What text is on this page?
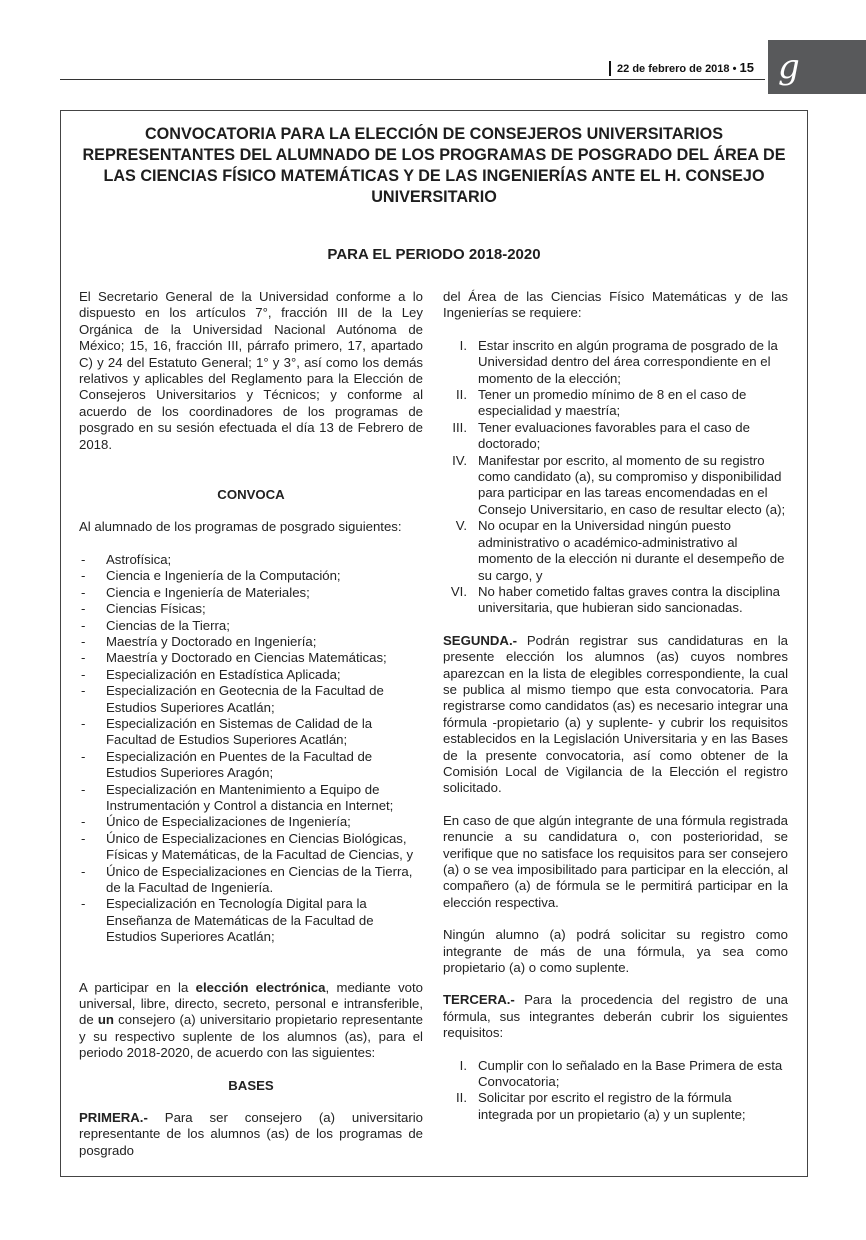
22 de febrero de 2018 • 15 g
CONVOCATORIA PARA LA ELECCIÓN DE CONSEJEROS UNIVERSITARIOS REPRESENTANTES DEL ALUMNADO DE LOS PROGRAMAS DE POSGRADO DEL ÁREA DE LAS CIENCIAS FÍSICO MATEMÁTICAS Y DE LAS INGENIERÍAS ANTE EL H. CONSEJO UNIVERSITARIO
PARA EL PERIODO 2018-2020

El Secretario General de la Universidad conforme a lo dispuesto en los artículos 7°, fracción III de la Ley Orgánica de la Universidad Nacional Autónoma de México; 15, 16, fracción III, párrafo primero, 17, apartado C) y 24 del Estatuto General; 1° y 3°, así como los demás relativos y aplicables del Reglamento para la Elección de Consejeros Universitarios y Técnicos; y conforme al acuerdo de los coordinadores de los programas de posgrado en su sesión efectuada el día 13 de Febrero de 2018.

CONVOCA

Al alumnado de los programas de posgrado siguientes:

- Astrofísica;
- Ciencia e Ingeniería de la Computación;
- Ciencia e Ingeniería de Materiales;
- Ciencias Físicas;
- Ciencias de la Tierra;
- Maestría y Doctorado en Ingeniería;
- Maestría y Doctorado en Ciencias Matemáticas;
- Especialización en Estadística Aplicada;
- Especialización en Geotecnia de la Facultad de Estudios Superiores Acatlán;
- Especialización en Sistemas de Calidad de la Facultad de Estudios Superiores Acatlán;
- Especialización en Puentes de la Facultad de Estudios Superiores Aragón;
- Especialización en Mantenimiento a Equipo de Instrumentación y Control a distancia en Internet;
- Único de Especializaciones de Ingeniería;
- Único de Especializaciones en Ciencias Biológicas, Físicas y Matemáticas, de la Facultad de Ciencias, y
- Único de Especializaciones en Ciencias de la Tierra, de la Facultad de Ingeniería.
- Especialización en Tecnología Digital para la Enseñanza de Matemáticas de la Facultad de Estudios Superiores Acatlán;

A participar en la elección electrónica, mediante voto universal, libre, directo, secreto, personal e intransferible, de un consejero (a) universitario propietario representante y su respectivo suplente de los alumnos (as), para el periodo 2018-2020, de acuerdo con las siguientes:

BASES

PRIMERA.- Para ser consejero (a) universitario representante de los alumnos (as) de los programas de posgrado

del Área de las Ciencias Físico Matemáticas y de las Ingenierías se requiere:

I. Estar inscrito en algún programa de posgrado de la Universidad dentro del área correspondiente en el momento de la elección;
II. Tener un promedio mínimo de 8 en el caso de especialidad y maestría;
III. Tener evaluaciones favorables para el caso de doctorado;
IV. Manifestar por escrito, al momento de su registro como candidato (a), su compromiso y disponibilidad para participar en las tareas encomendadas en el Consejo Universitario, en caso de resultar electo (a);
V. No ocupar en la Universidad ningún puesto administrativo o académico-administrativo al momento de la elección ni durante el desempeño de su cargo, y
VI. No haber cometido faltas graves contra la disciplina universitaria, que hubieran sido sancionadas.

SEGUNDA.- Podrán registrar sus candidaturas en la presente elección los alumnos (as) cuyos nombres aparezcan en la lista de elegibles correspondiente, la cual se publica al mismo tiempo que esta convocatoria. Para registrarse como candidatos (as) es necesario integrar una fórmula -propietario (a) y suplente- y cubrir los requisitos establecidos en la Legislación Universitaria y en las Bases de la presente convocatoria, así como obtener de la Comisión Local de Vigilancia de la Elección el registro solicitado.

En caso de que algún integrante de una fórmula registrada renuncie a su candidatura o, con posterioridad, se verifique que no satisface los requisitos para ser consejero (a) o se vea imposibilitado para participar en la elección, al compañero (a) de fórmula se le permitirá participar en la elección respectiva.

Ningún alumno (a) podrá solicitar su registro como integrante de más de una fórmula, ya sea como propietario (a) o como suplente.

TERCERA.- Para la procedencia del registro de una fórmula, sus integrantes deberán cubrir los siguientes requisitos:

I. Cumplir con lo señalado en la Base Primera de esta Convocatoria;
II. Solicitar por escrito el registro de la fórmula integrada por un propietario (a) y un suplente;
